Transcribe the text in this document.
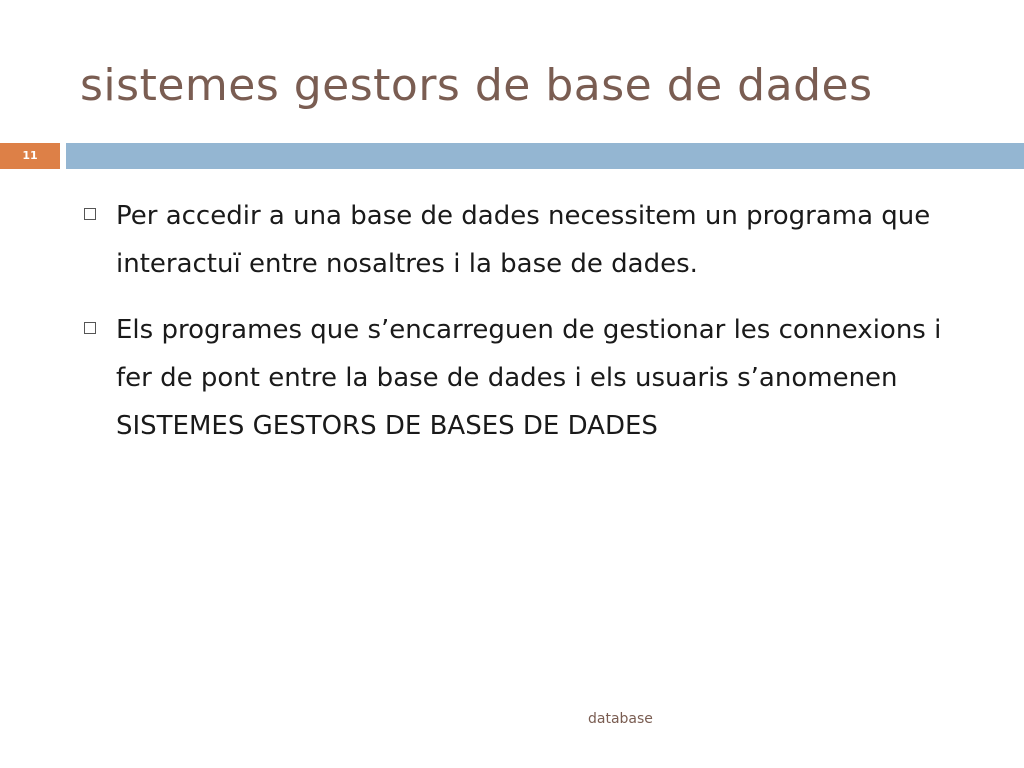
sistemes gestors de base de dades
11
Per accedir a una base de dades necessitem un programa que interactuï entre nosaltres i la base de dades.
Els programes que s’encarreguen de gestionar les connexions i fer de pont entre la base de dades i els usuaris s’anomenen SISTEMES GESTORS DE BASES DE DADES
database
